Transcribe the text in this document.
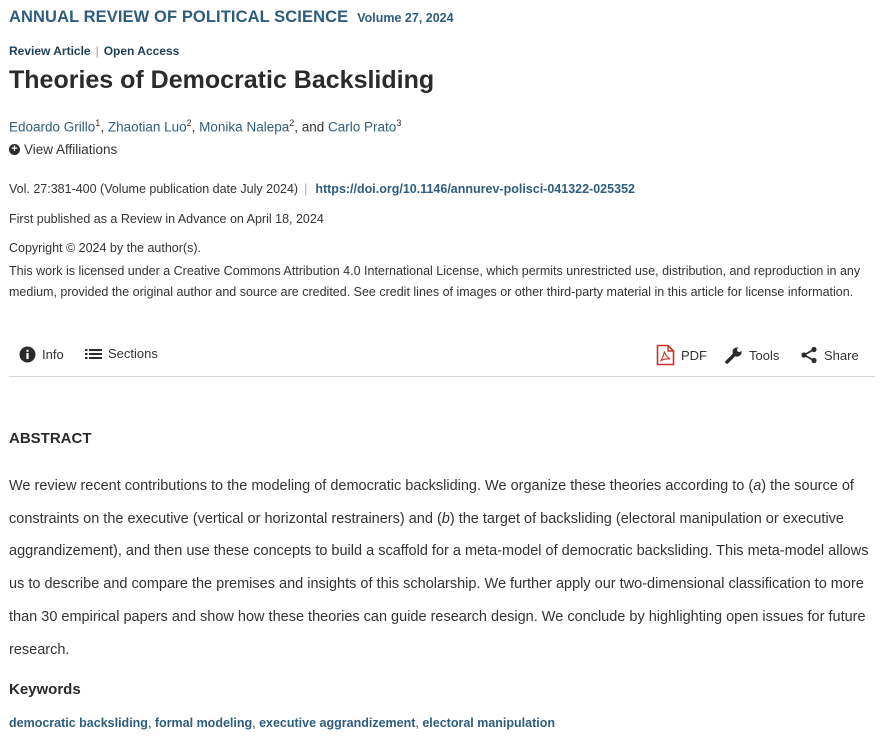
ANNUAL REVIEW OF POLITICAL SCIENCE Volume 27, 2024
Review Article | Open Access
Theories of Democratic Backsliding
Edoardo Grillo$^1$, Zhaotian Luo$^2$, Monika Nalepa$^2$, and Carlo Prato$^3$
+ View Affiliations
Vol. 27:381-400 (Volume publication date July 2024) | https://doi.org/10.1146/annurev-polisci-041322-025352
First published as a Review in Advance on April 18, 2024
Copyright © 2024 by the author(s).
This work is licensed under a Creative Commons Attribution 4.0 International License, which permits unrestricted use, distribution, and reproduction in any medium, provided the original author and source are credited. See credit lines of images or other third-party material in this article for license information.
Info	Sections	PDF	Tools	Share
ABSTRACT

We review recent contributions to the modeling of democratic backsliding. We organize these theories according to (a) the source of constraints on the executive (vertical or horizontal restrainers) and (b) the target of backsliding (electoral manipulation or executive aggrandizement), and then use these concepts to build a scaffold for a meta-model of democratic backsliding. This meta-model allows us to describe and compare the premises and insights of this scholarship. We further apply our two-dimensional classification to more than 30 empirical papers and show how these theories can guide research design. We conclude by highlighting open issues for future research.

Keywords
democratic backsliding, formal modeling, executive aggrandizement, electoral manipulation
